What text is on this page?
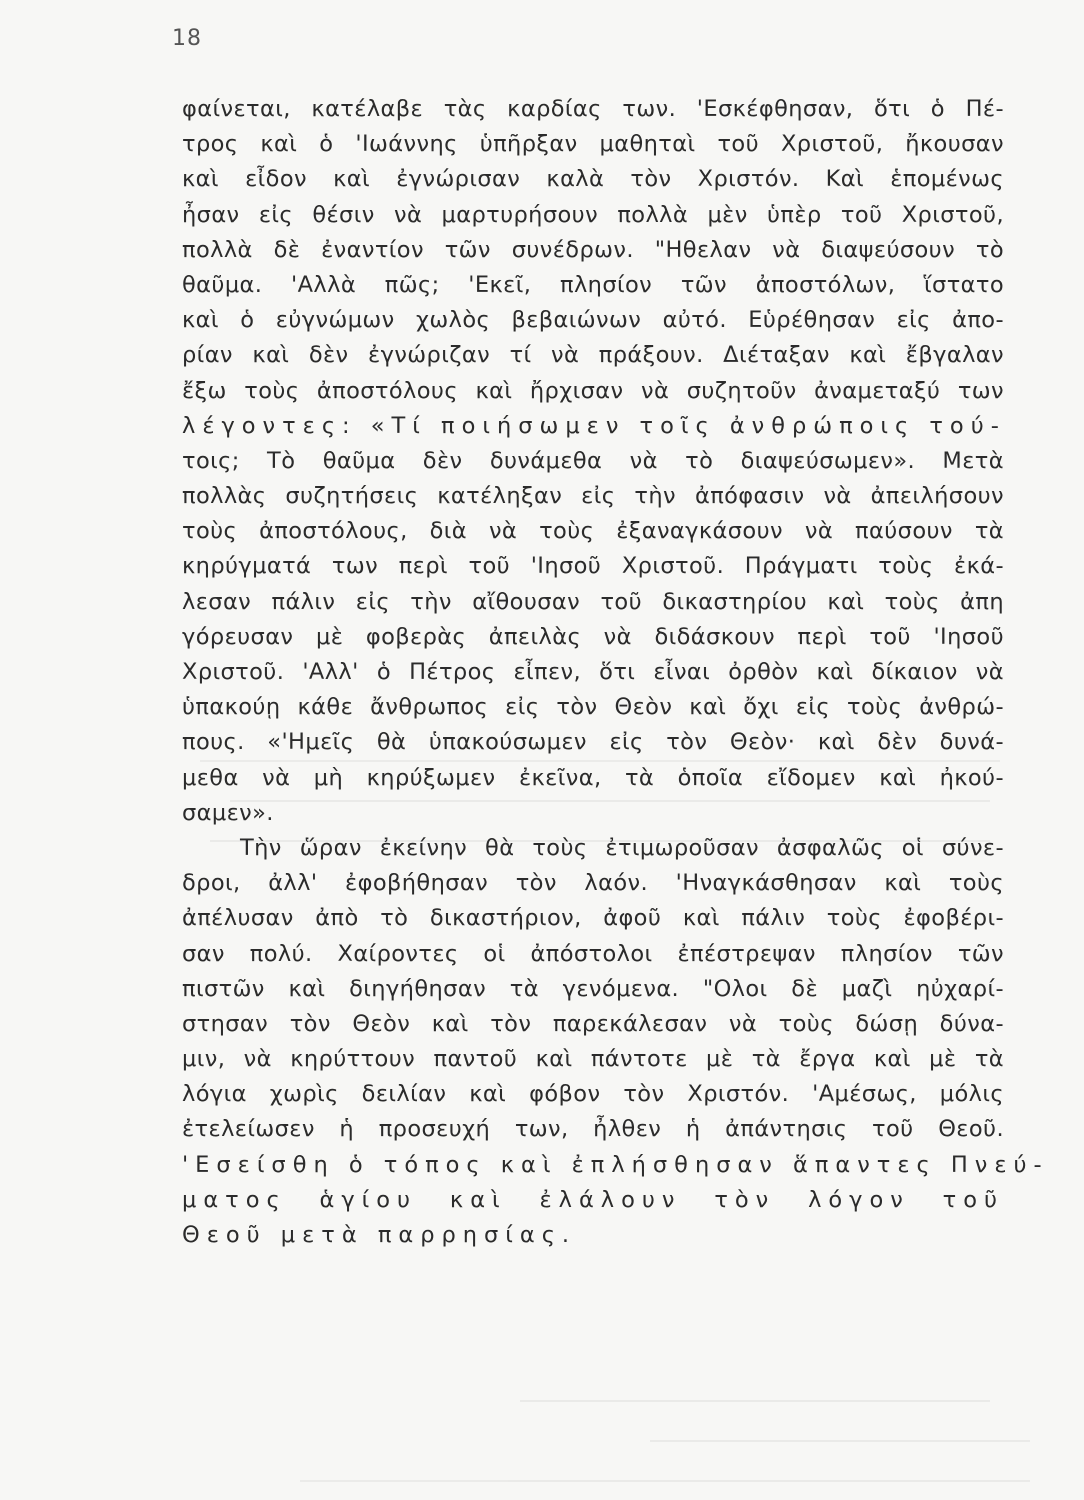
18
φαίνεται, κατέλαβε τὰς καρδίας των. 'Εσκέφθησαν, ὅτι ὁ Πέ-
τρος καὶ ὁ 'Ιωάννης ὑπῆρξαν μαθηταὶ τοῦ Χριστοῦ, ἤκουσαν
καὶ εἶδον καὶ ἐγνώρισαν καλὰ τὸν Χριστόν. Καὶ ἑπομένως
ἦσαν εἰς θέσιν νὰ μαρτυρήσουν πολλὰ μὲν ὑπὲρ τοῦ Χριστοῦ,
πολλὰ δὲ ἐναντίον τῶν συνέδρων. "Ηθελαν νὰ διαψεύσουν τὸ
θαῦμα. 'Αλλὰ πῶς; 'Εκεῖ, πλησίον τῶν ἀποστόλων, ἵστατο
καὶ ὁ εὐγνώμων χωλὸς βεβαιώνων αὐτό. Εὑρέθησαν εἰς ἀπο-
ρίαν καὶ δὲν ἐγνώριζαν τί νὰ πράξουν. Διέταξαν καὶ ἔβγαλαν
ἔξω τοὺς ἀποστόλους καὶ ἤρχισαν νὰ συζητοῦν ἀναμεταξύ των
λέγοντες: «Τί ποιήσωμεν τοῖς ἀνθρώποις τού-
τοις; Τὸ θαῦμα δὲν δυνάμεθα νὰ τὸ διαψεύσωμεν». Μετὰ
πολλὰς συζητήσεις κατέληξαν εἰς τὴν ἀπόφασιν νὰ ἀπειλήσουν
τοὺς ἀποστόλους, διὰ νὰ τοὺς ἐξαναγκάσουν νὰ παύσουν τὰ
κηρύγματά των περὶ τοῦ 'Ιησοῦ Χριστοῦ. Πράγματι τοὺς ἐκά-
λεσαν πάλιν εἰς τὴν αἴθουσαν τοῦ δικαστηρίου καὶ τοὺς ἀπη
γόρευσαν μὲ φοβερὰς ἀπειλὰς νὰ διδάσκουν περὶ τοῦ 'Ιησοῦ
Χριστοῦ. 'Αλλ' ὁ Πέτρος εἶπεν, ὅτι εἶναι ὀρθὸν καὶ δίκαιον νὰ
ὑπακούῃ κάθε ἄνθρωπος εἰς τὸν Θεὸν καὶ ὄχι εἰς τοὺς ἀνθρώ-
πους. «'Ημεῖς θὰ ὑπακούσωμεν εἰς τὸν Θεὸν· καὶ δὲν δυνά-
μεθα νὰ μὴ κηρύξωμεν ἐκεῖνα, τὰ ὁποῖα εἴδομεν καὶ ἠκού-
σαμεν».
Τὴν ὥραν ἐκείνην θὰ τοὺς ἐτιμωροῦσαν ἀσφαλῶς οἱ σύνε-
δροι, ἀλλ' ἐφοβήθησαν τὸν λαόν. 'Ηναγκάσθησαν καὶ τοὺς
ἀπέλυσαν ἀπὸ τὸ δικαστήριον, ἀφοῦ καὶ πάλιν τοὺς ἐφοβέρι-
σαν πολύ. Χαίροντες οἱ ἀπόστολοι ἐπέστρεψαν πλησίον τῶν
πιστῶν καὶ διηγήθησαν τὰ γενόμενα. "Ολοι δὲ μαζὶ ηὐχαρί-
στησαν τὸν Θεὸν καὶ τὸν παρεκάλεσαν νὰ τοὺς δώσῃ δύνα-
μιν, νὰ κηρύττουν παντοῦ καὶ πάντοτε μὲ τὰ ἔργα καὶ μὲ τὰ
λόγια χωρὶς δειλίαν καὶ φόβον τὸν Χριστόν. 'Αμέσως, μόλις
ἐτελείωσεν ἡ προσευχή των, ἦλθεν ἡ ἀπάντησις τοῦ Θεοῦ.
'Εσείσθη ὁ τόπος καὶ ἐπλήσθησαν ἅπαντες Πνεύ-
ματος ἁγίου καὶ ἐλάλουν τὸν λόγον τοῦ
Θεοῦ μετὰ παρρησίας.
